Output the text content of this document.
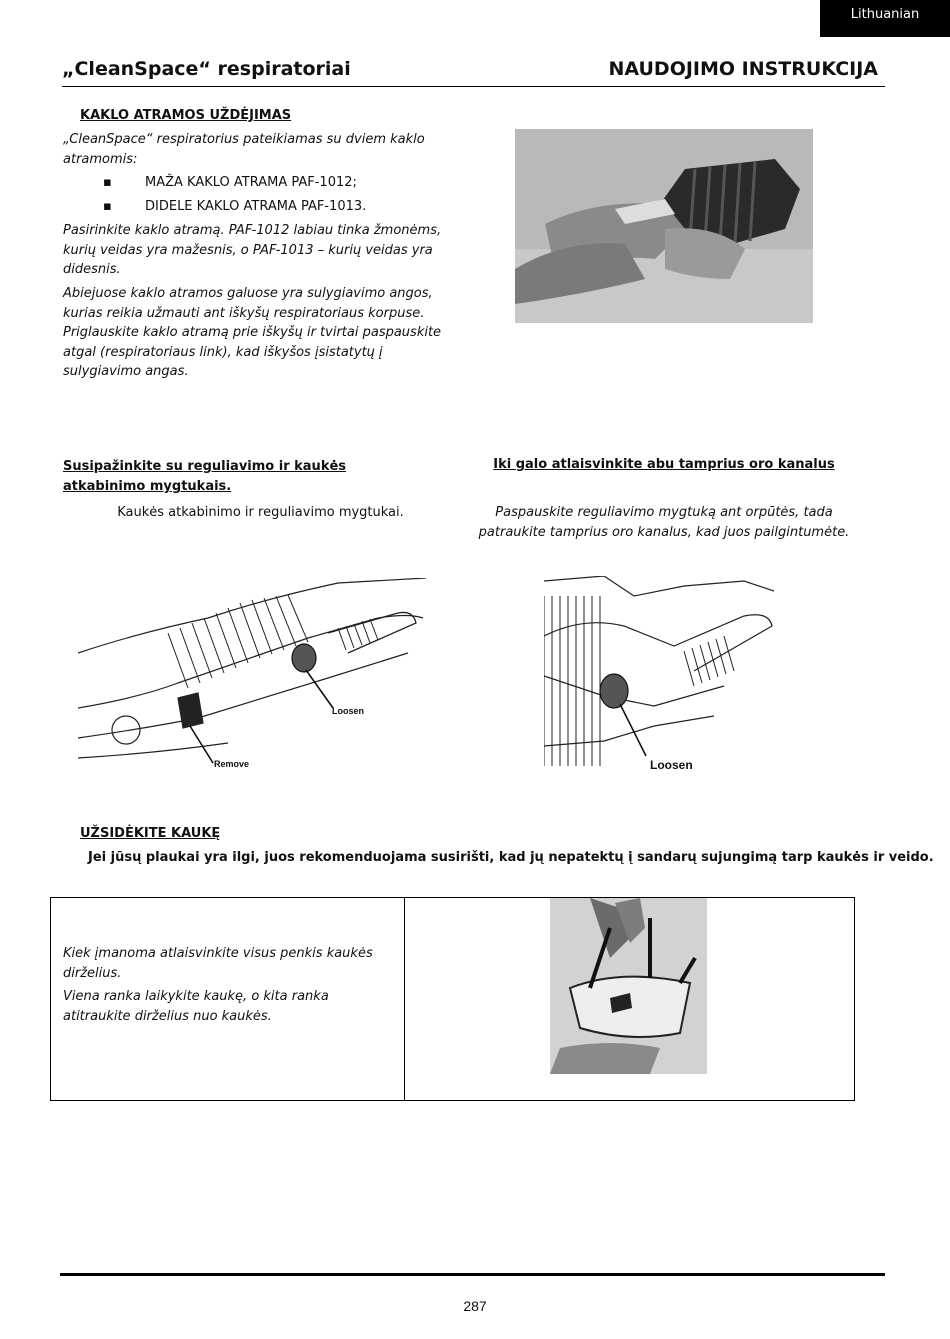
Lithuanian
„CleanSpace“ respiratoriai	NAUDOJIMO INSTRUKCIJA
KAKLO ATRAMOS UŽDĖJIMAS
„CleanSpace“ respiratorius pateikiamas su dviem kaklo atramomis:
▪	MAŽA KAKLO ATRAMA PAF-1012;
▪	DIDELE KAKLO ATRAMA PAF-1013.
Pasirinkite kaklo atramą. PAF-1012 labiau tinka žmonėms, kurių veidas yra mažesnis, o PAF-1013 – kurių veidas yra didesnis.
Abiejuose kaklo atramos galuose yra sulygiavimo angos, kurias reikia užmauti ant iškyšų respiratoriaus korpuse. Priglauskite kaklo atramą prie iškyšų ir tvirtai paspauskite atgal (respiratoriaus link), kad iškyšos įsistatytų į sulygiavimo angas.
Susipažinkite su reguliavimo ir kaukės atkabinimo mygtukais.
Kaukės atkabinimo ir reguliavimo mygtukai.
Iki galo atlaisvinkite abu tamprius oro kanalus
Paspauskite reguliavimo mygtuką ant orpūtės, tada patraukite tamprius oro kanalus, kad juos pailgintumėte.
Loosen
Remove	Loosen
UŽSIDĖKITE KAUKĘ
Jei jūsų plaukai yra ilgi, juos rekomenduojama susirišti, kad jų nepatektų į sandarų sujungimą tarp kaukės ir veido.
Kiek įmanoma atlaisvinkite visus penkis kaukės dirželius.
Viena ranka laikykite kaukę, o kita ranka atitraukite dirželius nuo kaukės.
287
